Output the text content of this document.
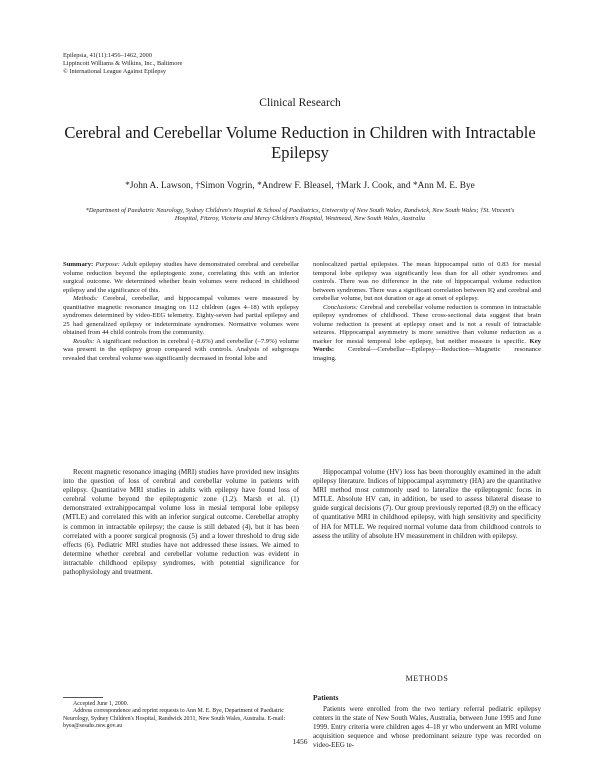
Epilepsia, 41(11):1456–1462, 2000
Lippincott Williams & Wilkins, Inc., Baltimore
© International League Against Epilepsy
Clinical Research
Cerebral and Cerebellar Volume Reduction in Children with Intractable Epilepsy
*John A. Lawson, †Simon Vogrin, *Andrew F. Bleasel, †Mark J. Cook, and *Ann M. E. Bye
*Department of Paediatric Neurology, Sydney Children's Hospital & School of Paediatrics, University of New South Wales, Randwick, New South Wales; †St. Vincent's Hospital, Fitzroy, Victoria and Mercy Children's Hospital, Westmead, New South Wales, Australia

Summary: Purpose: Adult epilepsy studies have demonstrated cerebral and cerebellar volume reduction beyond the epileptogenic zone, correlating this with an inferior surgical outcome. We determined whether brain volumes were reduced in childhood epilepsy and the significance of this.

Methods: Cerebral, cerebellar, and hippocampal volumes were measured by quantitative magnetic resonance imaging on 112 children (ages 4–18) with epilepsy syndromes determined by video-EEG telemetry. Eighty-seven had partial epilepsy and 25 had generalized epilepsy or indeterminate syndromes. Normative volumes were obtained from 44 child controls from the community.

Results: A significant reduction in cerebral (–8.6%) and cerebellar (–7.9%) volume was present in the epilepsy group compared with controls. Analysis of subgroups revealed that cerebral volume was significantly decreased in frontal lobe and

nonlocalized partial epilepsies. The mean hippocampal ratio of 0.83 for mesial temporal lobe epilepsy was significantly less than for all other syndromes and controls. There was no difference in the rate of hippocampal volume reduction between syndromes. There was a significant correlation between IQ and cerebral and cerebellar volume, but not duration or age at onset of epilepsy.

Conclusions: Cerebral and cerebellar volume reduction is common in intractable epilepsy syndromes of childhood. These cross-sectional data suggest that brain volume reduction is present at epilepsy onset and is not a result of intractable seizures. Hippocampal asymmetry is more sensitive than volume reduction as a marker for mesial temporal lobe epilepsy, but neither measure is specific. Key Words: Cerebral—Cerebellar—Epilepsy—Reduction—Magnetic resonance imaging.

Recent magnetic resonance imaging (MRI) studies have provided new insights into the question of loss of cerebral and cerebellar volume in patients with epilepsy. Quantitative MRI studies in adults with epilepsy have found loss of cerebral volume beyond the epileptogenic zone (1,2). Marsh et al. (1) demonstrated extrahippocampal volume loss in mesial temporal lobe epilepsy (MTLE) and correlated this with an inferior surgical outcome. Cerebellar atrophy is common in intractable epilepsy; the cause is still debated (4), but it has been correlated with a poorer surgical prognosis (5) and a lower threshold to drug side effects (6). Pediatric MRI studies have not addressed these issues. We aimed to determine whether cerebral and cerebellar volume reduction was evident in intractable childhood epilepsy syndromes, with potential significance for pathophysiology and treatment.

Accepted June 1, 2000.

Address correspondence and reprint requests to Ann M. E. Bye, Department of Paediatric Neurology, Sydney Children's Hospital, Randwick 2031, New South Wales, Australia. E-mail: byea@sesahs.nsw.gov.au

Hippocampal volume (HV) loss has been thoroughly examined in the adult epilepsy literature. Indices of hippocampal asymmetry (HA) are the quantitative MRI method most commonly used to lateralize the epileptogenic focus in MTLE. Absolute HV can, in addition, be used to assess bilateral disease to guide surgical decisions (7). Our group previously reported (8,9) on the efficacy of quantitative MRI in childhood epilepsy, with high sensitivity and specificity of HA for MTLE. We required normal volume data from childhood controls to assess the utility of absolute HV measurement in children with epilepsy.

METHODS
Patients

Patients were enrolled from the two tertiary referral pediatric epilepsy centers in the state of New South Wales, Australia, between June 1995 and June 1999. Entry criteria were children ages 4–18 yr who underwent an MRI volume acquisition sequence and whose predominant seizure type was recorded on video-EEG te-

1456
